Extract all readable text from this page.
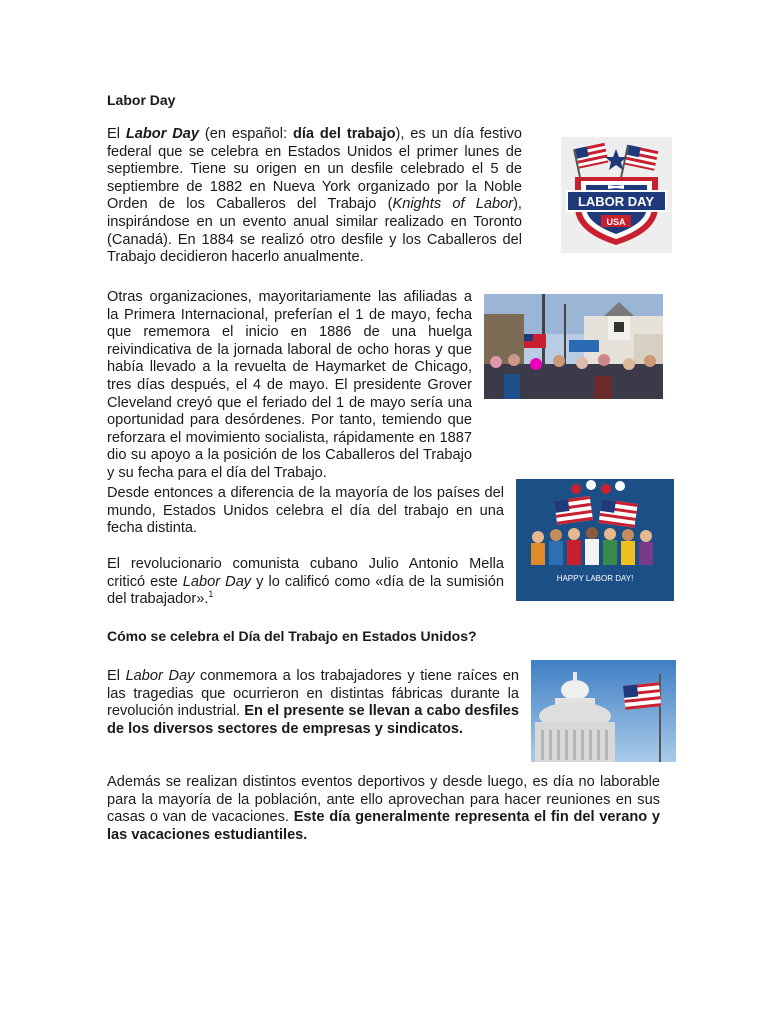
Labor Day

El Labor Day (en español: día del trabajo), es un día festivo federal que se celebra en Estados Unidos el primer lunes de septiembre. Tiene su origen en un desfile celebrado el 5 de septiembre de 1882 en Nueva York organizado por la Noble Orden de los Caballeros del Trabajo (Knights of Labor), inspirándose en un evento anual similar realizado en Toronto (Canadá). En 1884 se realizó otro desfile y los Caballeros del Trabajo decidieron hacerlo anualmente.

LABOR DAY
USA

Otras organizaciones, mayoritariamente las afiliadas a la Primera Internacional, preferían el 1 de mayo, fecha que rememora el inicio en 1886 de una huelga reivindicativa de la jornada laboral de ocho horas y que había llevado a la revuelta de Haymarket de Chicago, tres días después, el 4 de mayo. El presidente Grover Cleveland creyó que el feriado del 1 de mayo sería una oportunidad para desórdenes. Por tanto, temiendo que reforzara el movimiento socialista, rápidamente en 1887 dio su apoyo a la posición de los Caballeros del Trabajo y su fecha para el día del Trabajo.

Desde entonces a diferencia de la mayoría de los países del mundo, Estados Unidos celebra el día del trabajo en una fecha distinta.

El revolucionario comunista cubano Julio Antonio Mella criticó este Labor Day y lo calificó como «día de la sumisión del trabajador».$^1$

HAPPY LABOR DAY!
Cómo se celebra el Día del Trabajo en Estados Unidos?

El Labor Day conmemora a los trabajadores y tiene raíces en las tragedias que ocurrieron en distintas fábricas durante la revolución industrial. En el presente se llevan a cabo desfiles de los diversos sectores de empresas y sindicatos.

Además se realizan distintos eventos deportivos y desde luego, es día no laborable para la mayoría de la población, ante ello aprovechan para hacer reuniones en sus casas o van de vacaciones. Este día generalmente representa el fin del verano y las vacaciones estudiantiles.
